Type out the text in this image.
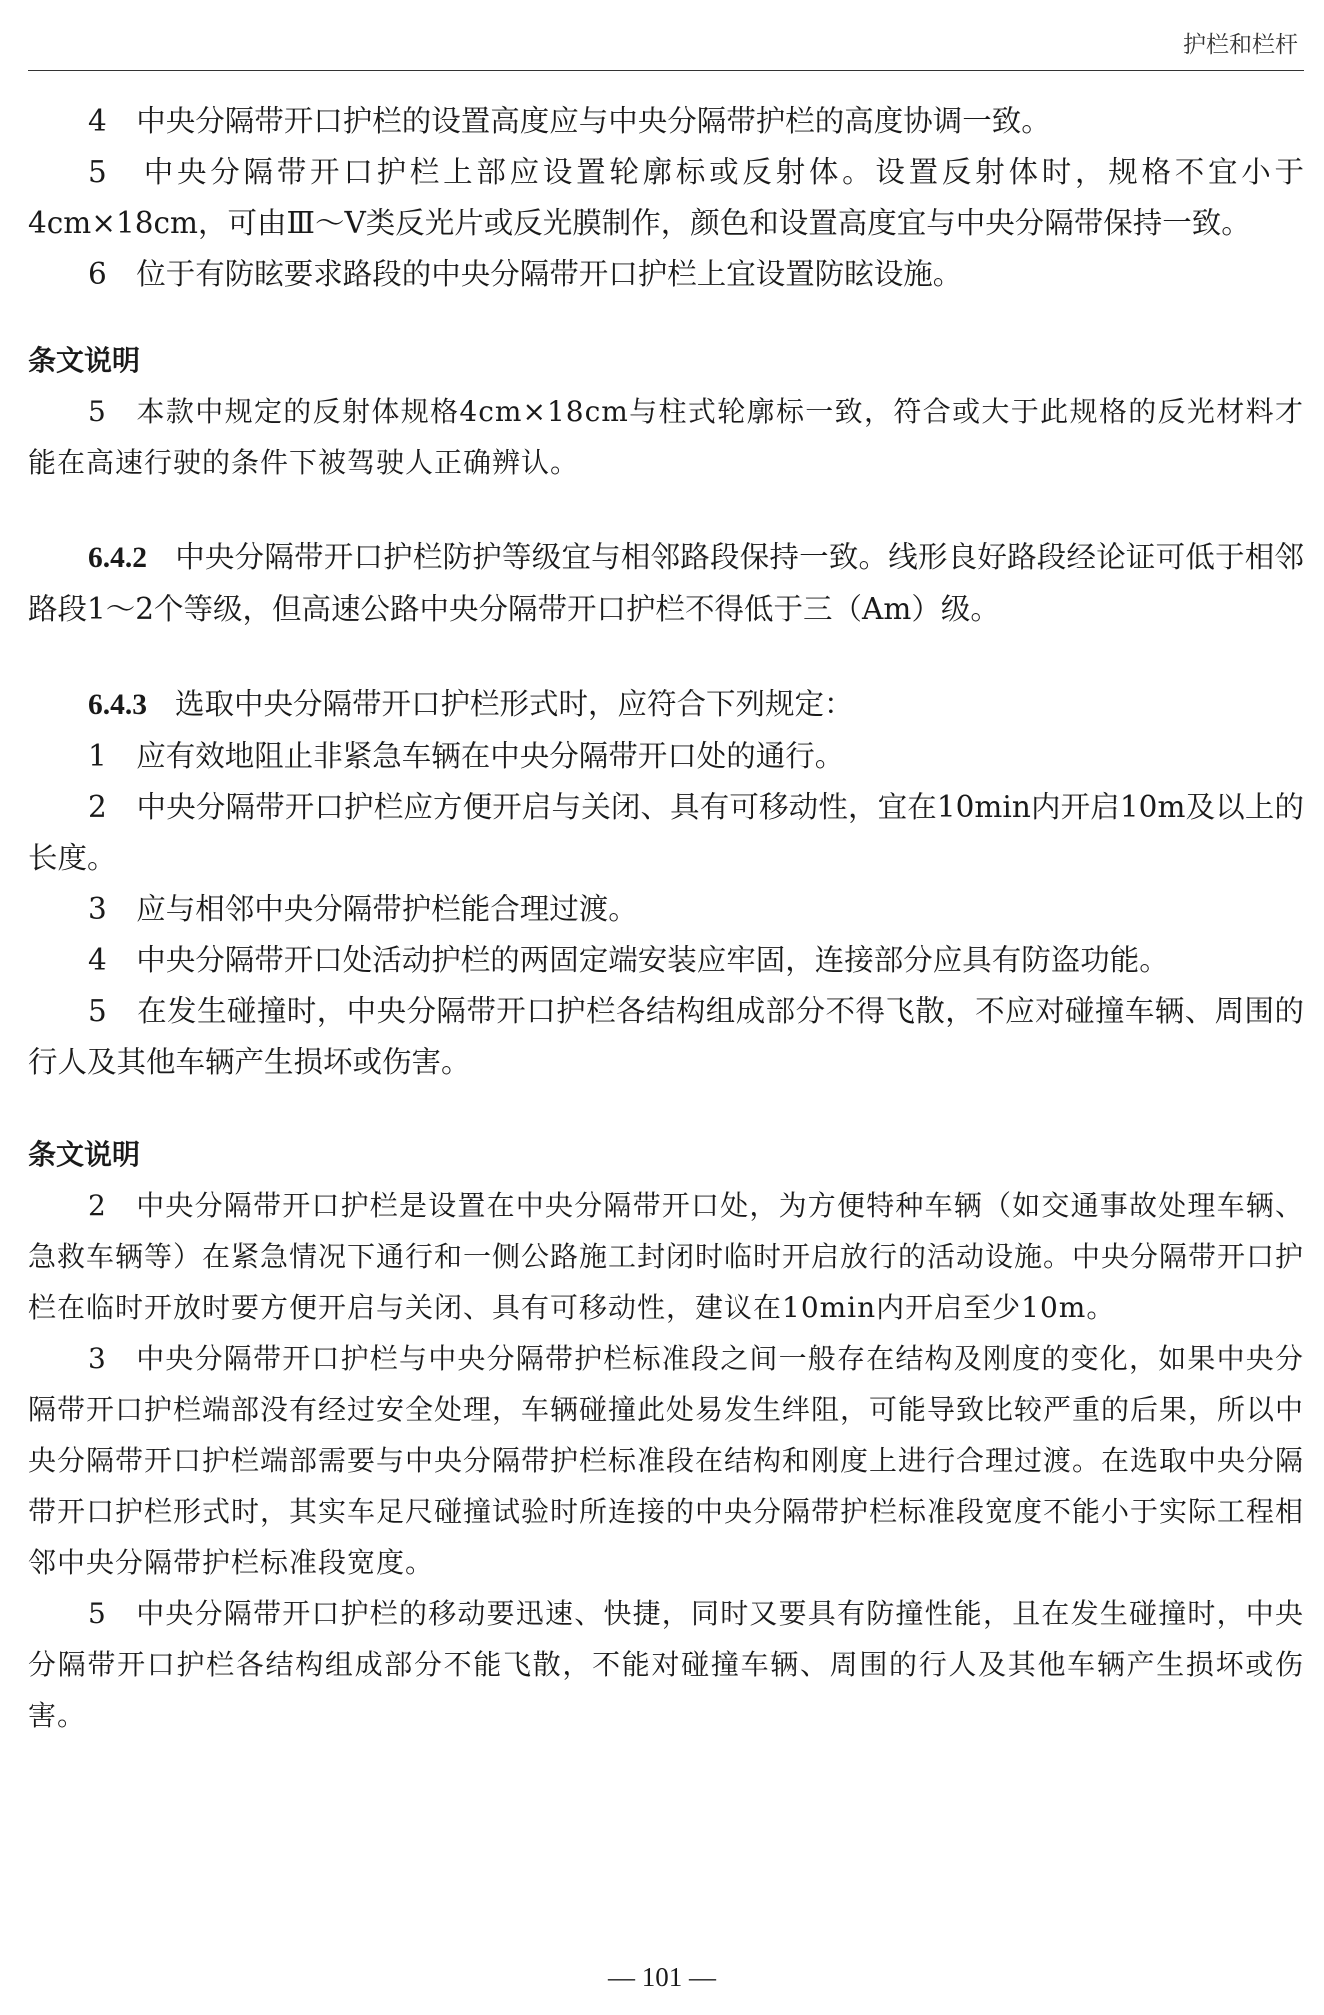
护栏和栏杆

4　中央分隔带开口护栏的设置高度应与中央分隔带护栏的高度协调一致。

5　中央分隔带开口护栏上部应设置轮廓标或反射体。设置反射体时，规格不宜小于4cm×18cm，可由Ⅲ～Ⅴ类反光片或反光膜制作，颜色和设置高度宜与中央分隔带保持一致。

6　位于有防眩要求路段的中央分隔带开口护栏上宜设置防眩设施。

条文说明

5　本款中规定的反射体规格4cm×18cm与柱式轮廓标一致，符合或大于此规格的反光材料才能在高速行驶的条件下被驾驶人正确辨认。

6.4.2 中央分隔带开口护栏防护等级宜与相邻路段保持一致。线形良好路段经论证可低于相邻路段1～2个等级，但高速公路中央分隔带开口护栏不得低于三（Am）级。

6.4.3 选取中央分隔带开口护栏形式时，应符合下列规定：

1　应有效地阻止非紧急车辆在中央分隔带开口处的通行。

2　中央分隔带开口护栏应方便开启与关闭、具有可移动性，宜在10min内开启10m及以上的长度。

3　应与相邻中央分隔带护栏能合理过渡。

4　中央分隔带开口处活动护栏的两固定端安装应牢固，连接部分应具有防盗功能。

5　在发生碰撞时，中央分隔带开口护栏各结构组成部分不得飞散，不应对碰撞车辆、周围的行人及其他车辆产生损坏或伤害。

条文说明

2　中央分隔带开口护栏是设置在中央分隔带开口处，为方便特种车辆（如交通事故处理车辆、急救车辆等）在紧急情况下通行和一侧公路施工封闭时临时开启放行的活动设施。中央分隔带开口护栏在临时开放时要方便开启与关闭、具有可移动性，建议在10min内开启至少10m。

3　中央分隔带开口护栏与中央分隔带护栏标准段之间一般存在结构及刚度的变化，如果中央分隔带开口护栏端部没有经过安全处理，车辆碰撞此处易发生绊阻，可能导致比较严重的后果，所以中央分隔带开口护栏端部需要与中央分隔带护栏标准段在结构和刚度上进行合理过渡。在选取中央分隔带开口护栏形式时，其实车足尺碰撞试验时所连接的中央分隔带护栏标准段宽度不能小于实际工程相邻中央分隔带护栏标准段宽度。

5　中央分隔带开口护栏的移动要迅速、快捷，同时又要具有防撞性能，且在发生碰撞时，中央分隔带开口护栏各结构组成部分不能飞散，不能对碰撞车辆、周围的行人及其他车辆产生损坏或伤害。

— 101 —
